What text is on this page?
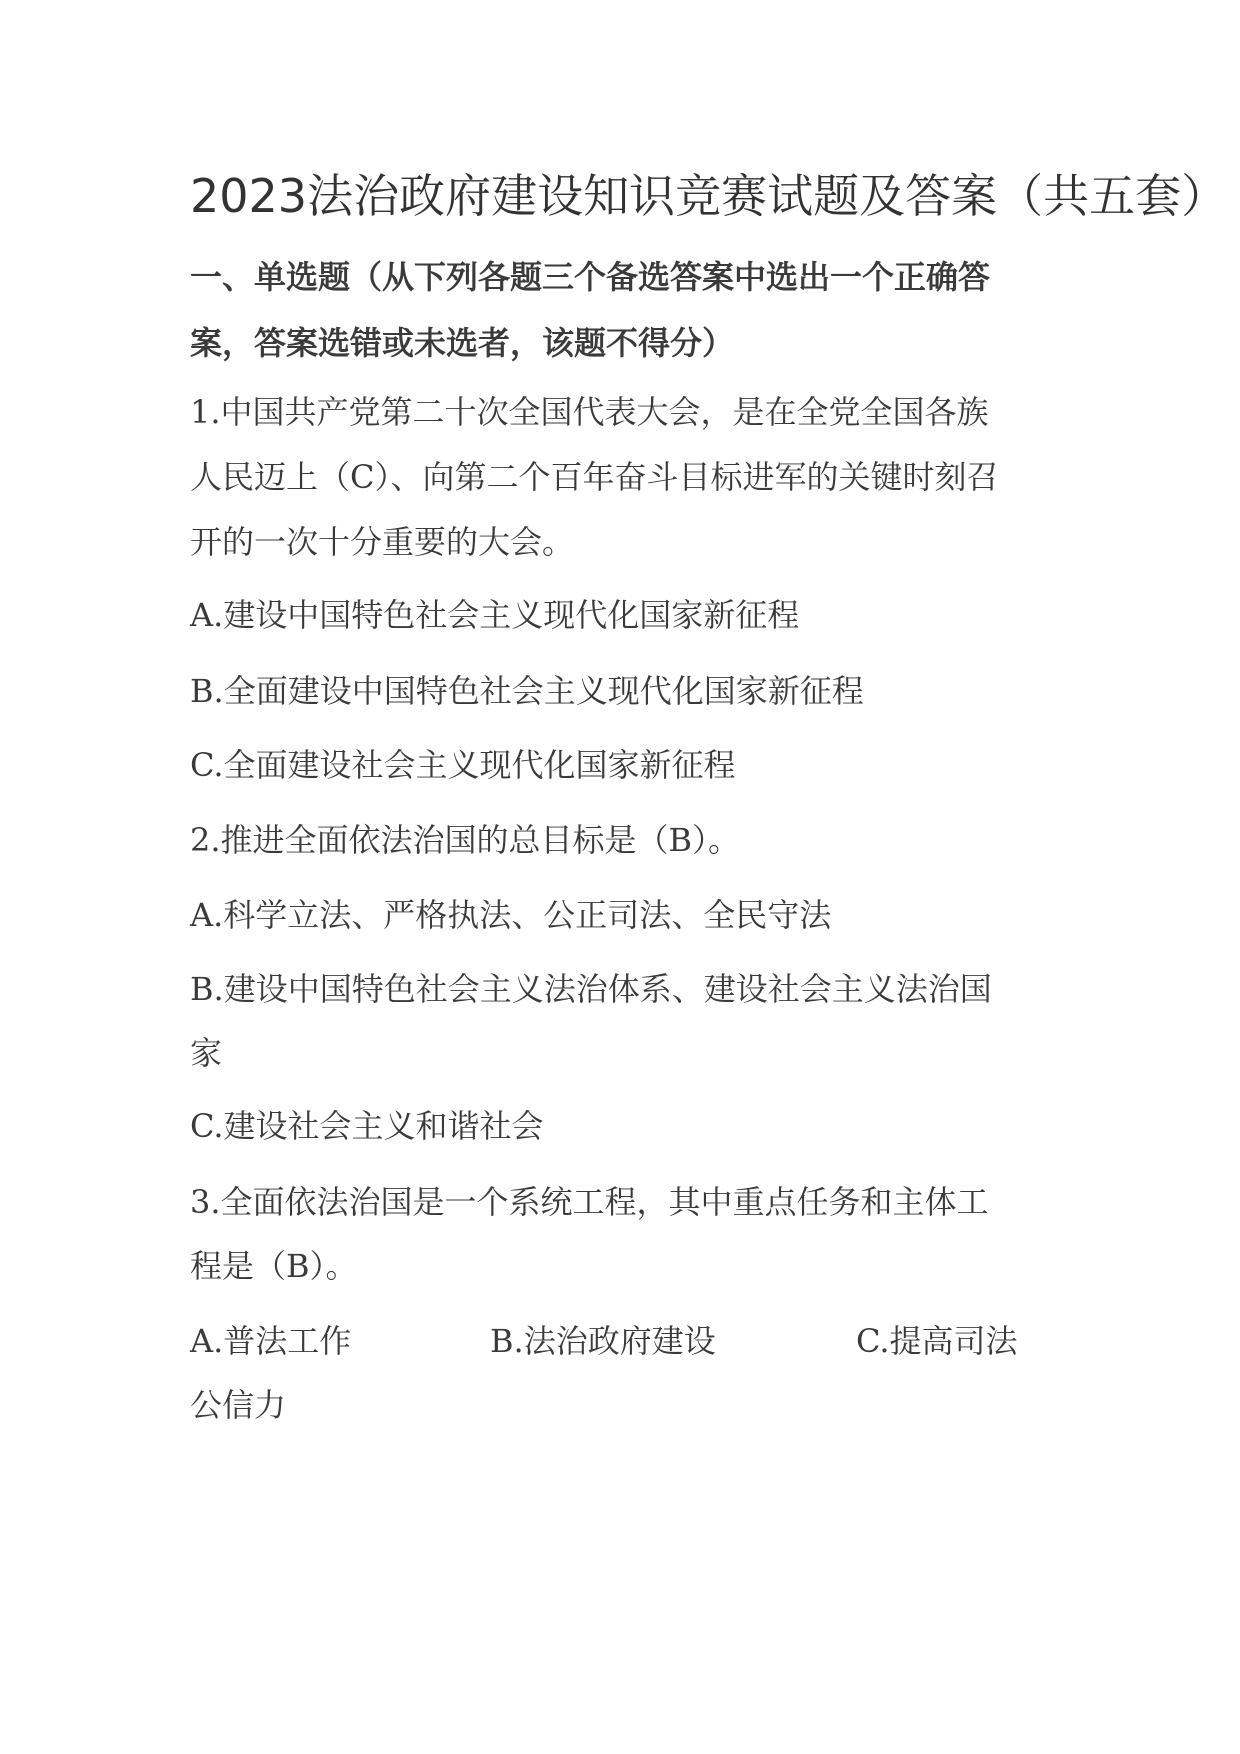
2023法治政府建设知识竞赛试题及答案（共五套）
一、单选题（从下列各题三个备选答案中选出一个正确答案，答案选错或未选者，该题不得分）
1.中国共产党第二十次全国代表大会，是在全党全国各族
人民迈上（C）、向第二个百年奋斗目标进军的关键时刻召
开的一次十分重要的大会。
A.建设中国特色社会主义现代化国家新征程
B.全面建设中国特色社会主义现代化国家新征程
C.全面建设社会主义现代化国家新征程
2.推进全面依法治国的总目标是（B）。
A.科学立法、严格执法、公正司法、全民守法
B.建设中国特色社会主义法治体系、建设社会主义法治国
家
C.建设社会主义和谐社会
3.全面依法治国是一个系统工程，其中重点任务和主体工
程是（B）。
A.普法工作	B.法治政府建设	C.提高司法
公信力
